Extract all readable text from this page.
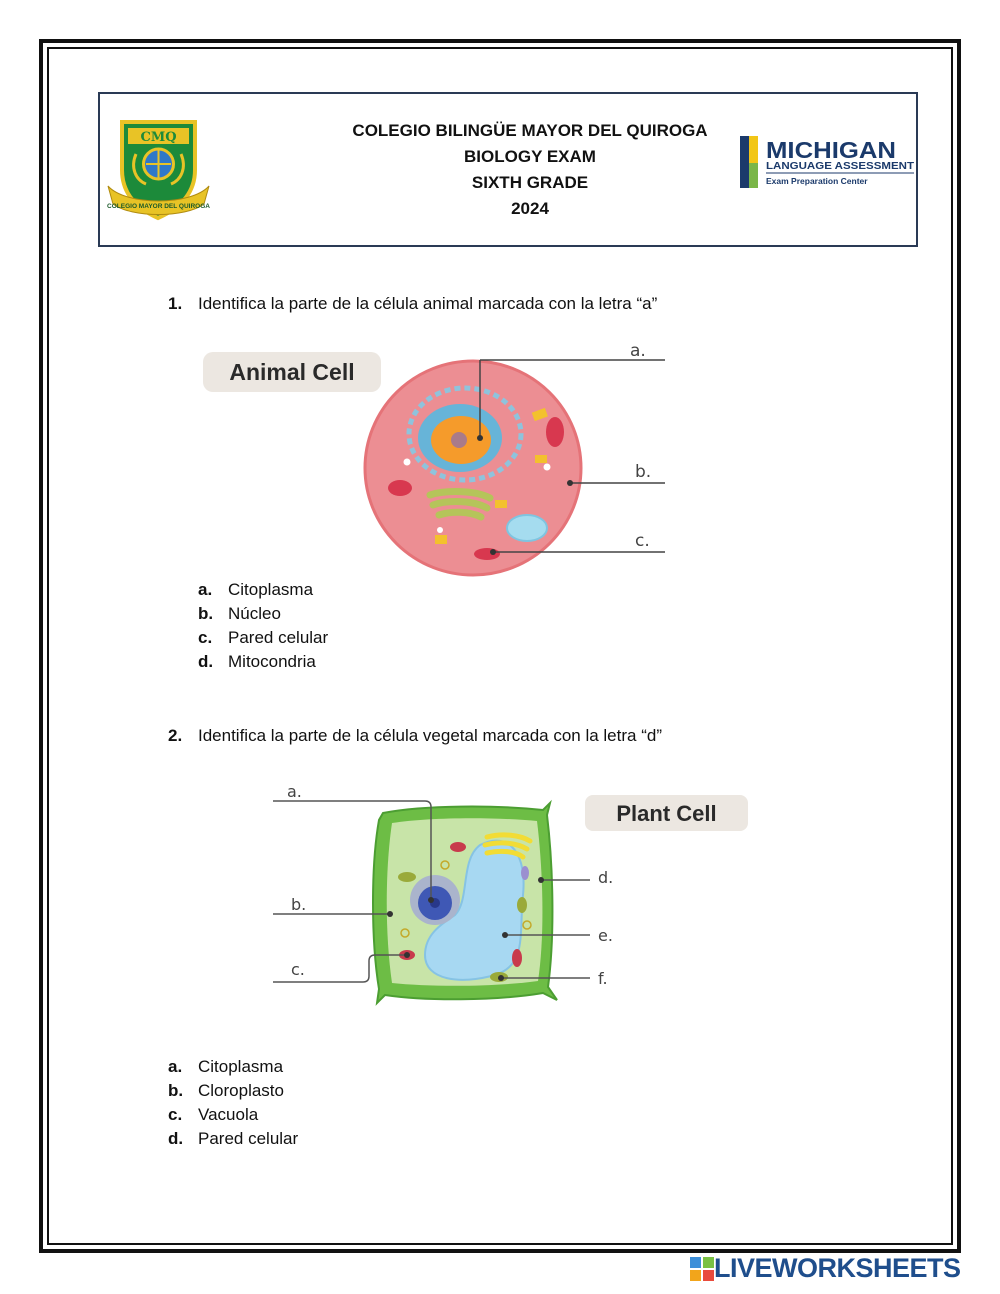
CMQ
COLEGIO MAYOR DEL QUIROGA
COLEGIO BILINGÜE MAYOR DEL QUIROGA
BIOLOGY EXAM
SIXTH GRADE
2024
MICHIGAN
LANGUAGE ASSESSMENT
Exam Preparation Center
1. Identifica la parte de la célula animal marcada con la letra “a”
Animal Cell
a.
b.
c.
a. Citoplasma
b. Núcleo
c. Pared celular
d. Mitocondria
2. Identifica la parte de la célula vegetal marcada con la letra “d”
Plant Cell
a.
b.
c.
d.
e.
f.
a. Citoplasma
b. Cloroplasto
c. Vacuola
d. Pared celular
LIVEWORKSHEETS
